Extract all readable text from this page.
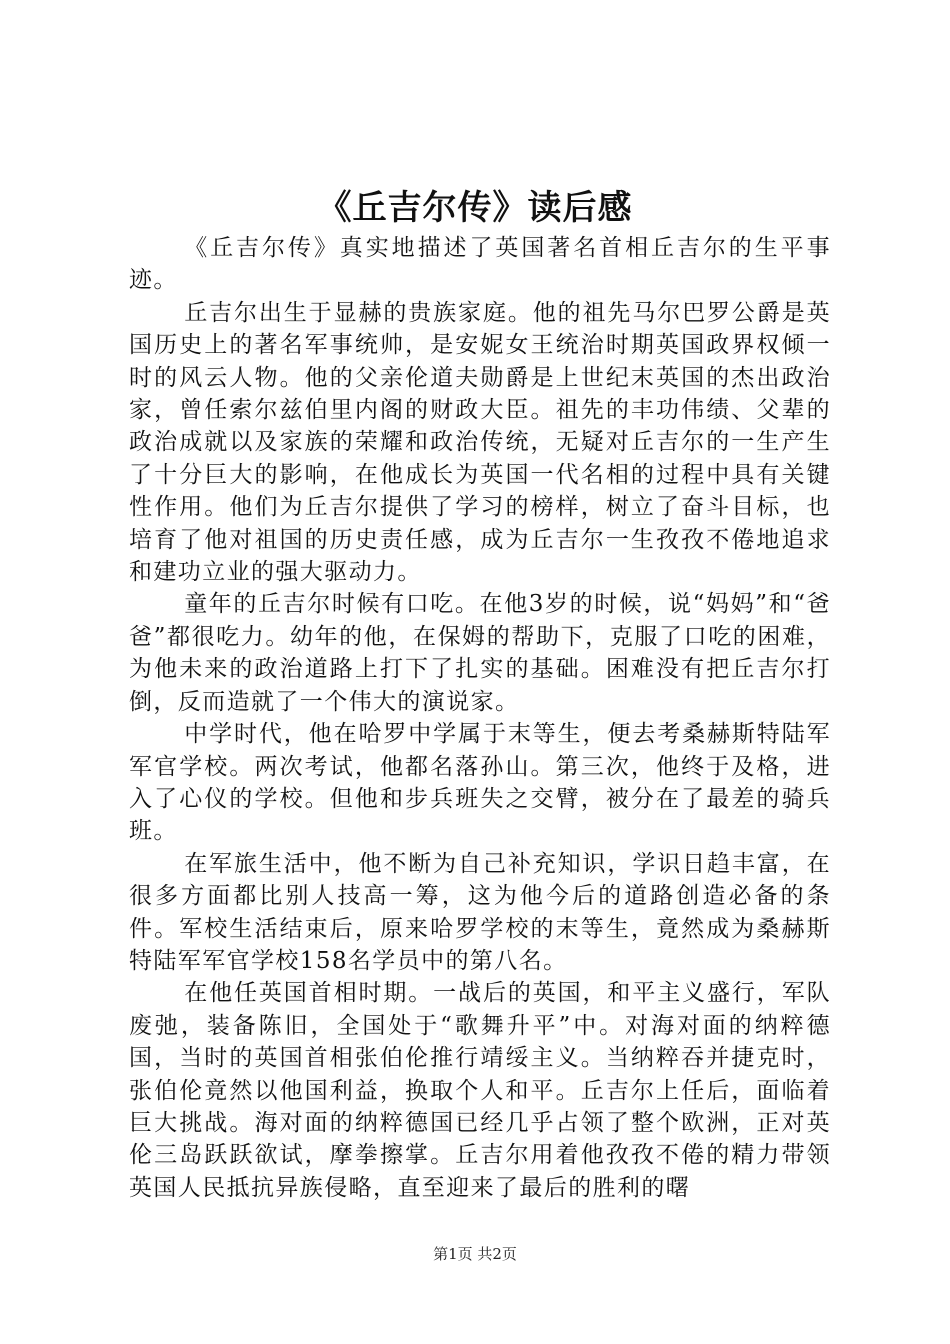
《丘吉尔传》读后感

《丘吉尔传》真实地描述了英国著名首相丘吉尔的生平事迹。

丘吉尔出生于显赫的贵族家庭。他的祖先马尔巴罗公爵是英国历史上的著名军事统帅，是安妮女王统治时期英国政界权倾一时的风云人物。他的父亲伦道夫勋爵是上世纪末英国的杰出政治家，曾任索尔兹伯里内阁的财政大臣。祖先的丰功伟绩、父辈的政治成就以及家族的荣耀和政治传统，无疑对丘吉尔的一生产生了十分巨大的影响，在他成长为英国一代名相的过程中具有关键性作用。他们为丘吉尔提供了学习的榜样，树立了奋斗目标，也培育了他对祖国的历史责任感，成为丘吉尔一生孜孜不倦地追求和建功立业的强大驱动力。

童年的丘吉尔时候有口吃。在他3岁的时候，说“妈妈”和“爸爸”都很吃力。幼年的他，在保姆的帮助下，克服了口吃的困难，为他未来的政治道路上打下了扎实的基础。困难没有把丘吉尔打倒，反而造就了一个伟大的演说家。

中学时代，他在哈罗中学属于末等生，便去考桑赫斯特陆军军官学校。两次考试，他都名落孙山。第三次，他终于及格，进入了心仪的学校。但他和步兵班失之交臂，被分在了最差的骑兵班。

在军旅生活中，他不断为自己补充知识，学识日趋丰富，在很多方面都比别人技高一筹，这为他今后的道路创造必备的条件。军校生活结束后，原来哈罗学校的末等生，竟然成为桑赫斯特陆军军官学校158名学员中的第八名。

在他任英国首相时期。一战后的英国，和平主义盛行，军队废弛，装备陈旧，全国处于“歌舞升平”中。对海对面的纳粹德国，当时的英国首相张伯伦推行靖绥主义。当纳粹吞并捷克时，张伯伦竟然以他国利益，换取个人和平。丘吉尔上任后，面临着巨大挑战。海对面的纳粹德国已经几乎占领了整个欧洲，正对英伦三岛跃跃欲试，摩拳擦掌。丘吉尔用着他孜孜不倦的精力带领英国人民抵抗异族侵略，直至迎来了最后的胜利的曙

第1页 共2页
